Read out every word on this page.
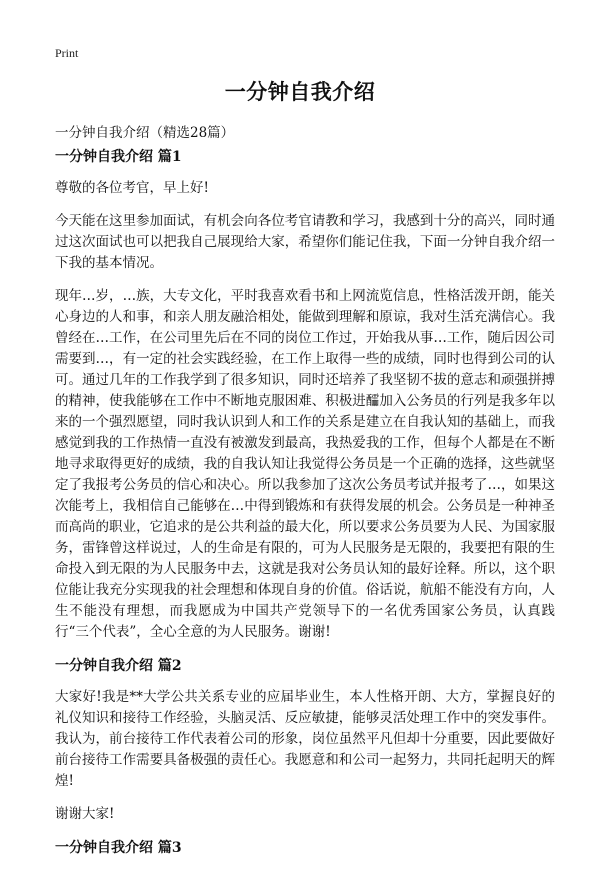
Print
一分钟自我介绍
一分钟自我介绍（精选28篇）
一分钟自我介绍 篇1

尊敬的各位考官，早上好!

今天能在这里参加面试，有机会向各位考官请教和学习，我感到十分的高兴，同时通过这次面试也可以把我自己展现给大家，希望你们能记住我，下面一分钟自我介绍一下我的基本情况。

现年…岁，…族，大专文化，平时我喜欢看书和上网流览信息，性格活泼开朗，能关心身边的人和事，和亲人朋友融洽相处，能做到理解和原谅，我对生活充满信心。我曾经在…工作，在公司里先后在不同的岗位工作过，开始我从事…工作，随后因公司需要到…，有一定的社会实践经验，在工作上取得一些的成绩，同时也得到公司的认可。通过几年的工作我学到了很多知识，同时还培养了我坚韧不拔的意志和顽强拼搏的精神，使我能够在工作中不断地克服困难、积极进醽加入公务员的行列是我多年以来的一个强烈愿望，同时我认识到人和工作的关系是建立在自我认知的基础上，而我感觉到我的工作热情一直没有被激发到最高，我热爱我的工作，但每个人都是在不断地寻求取得更好的成绩，我的自我认知让我觉得公务员是一个正确的选择，这些就坚定了我报考公务员的信心和决心。所以我参加了这次公务员考试并报考了…，如果这次能考上，我相信自己能够在…中得到锻炼和有获得发展的机会。公务员是一种神圣而高尚的职业，它追求的是公共利益的最大化，所以要求公务员要为人民、为国家服务，雷锋曾这样说过，人的生命是有限的，可为人民服务是无限的，我要把有限的生命投入到无限的为人民服务中去，这就是我对公务员认知的最好诠释。所以，这个职位能让我充分实现我的社会理想和体现自身的价值。俗话说，航船不能没有方向，人生不能没有理想，而我愿成为中国共产党领导下的一名优秀国家公务员，认真践行“三个代表”，全心全意的为人民服务。谢谢!

一分钟自我介绍 篇2

大家好!我是**大学公共关系专业的应届毕业生，本人性格开朗、大方，掌握良好的礼仪知识和接待工作经验，头脑灵活、反应敏捷，能够灵活处理工作中的突发事件。我认为，前台接待工作代表着公司的形象，岗位虽然平凡但却十分重要，因此要做好前台接待工作需要具备极强的责任心。我愿意和和公司一起努力，共同托起明天的辉煌!

谢谢大家!

一分钟自我介绍 篇3
